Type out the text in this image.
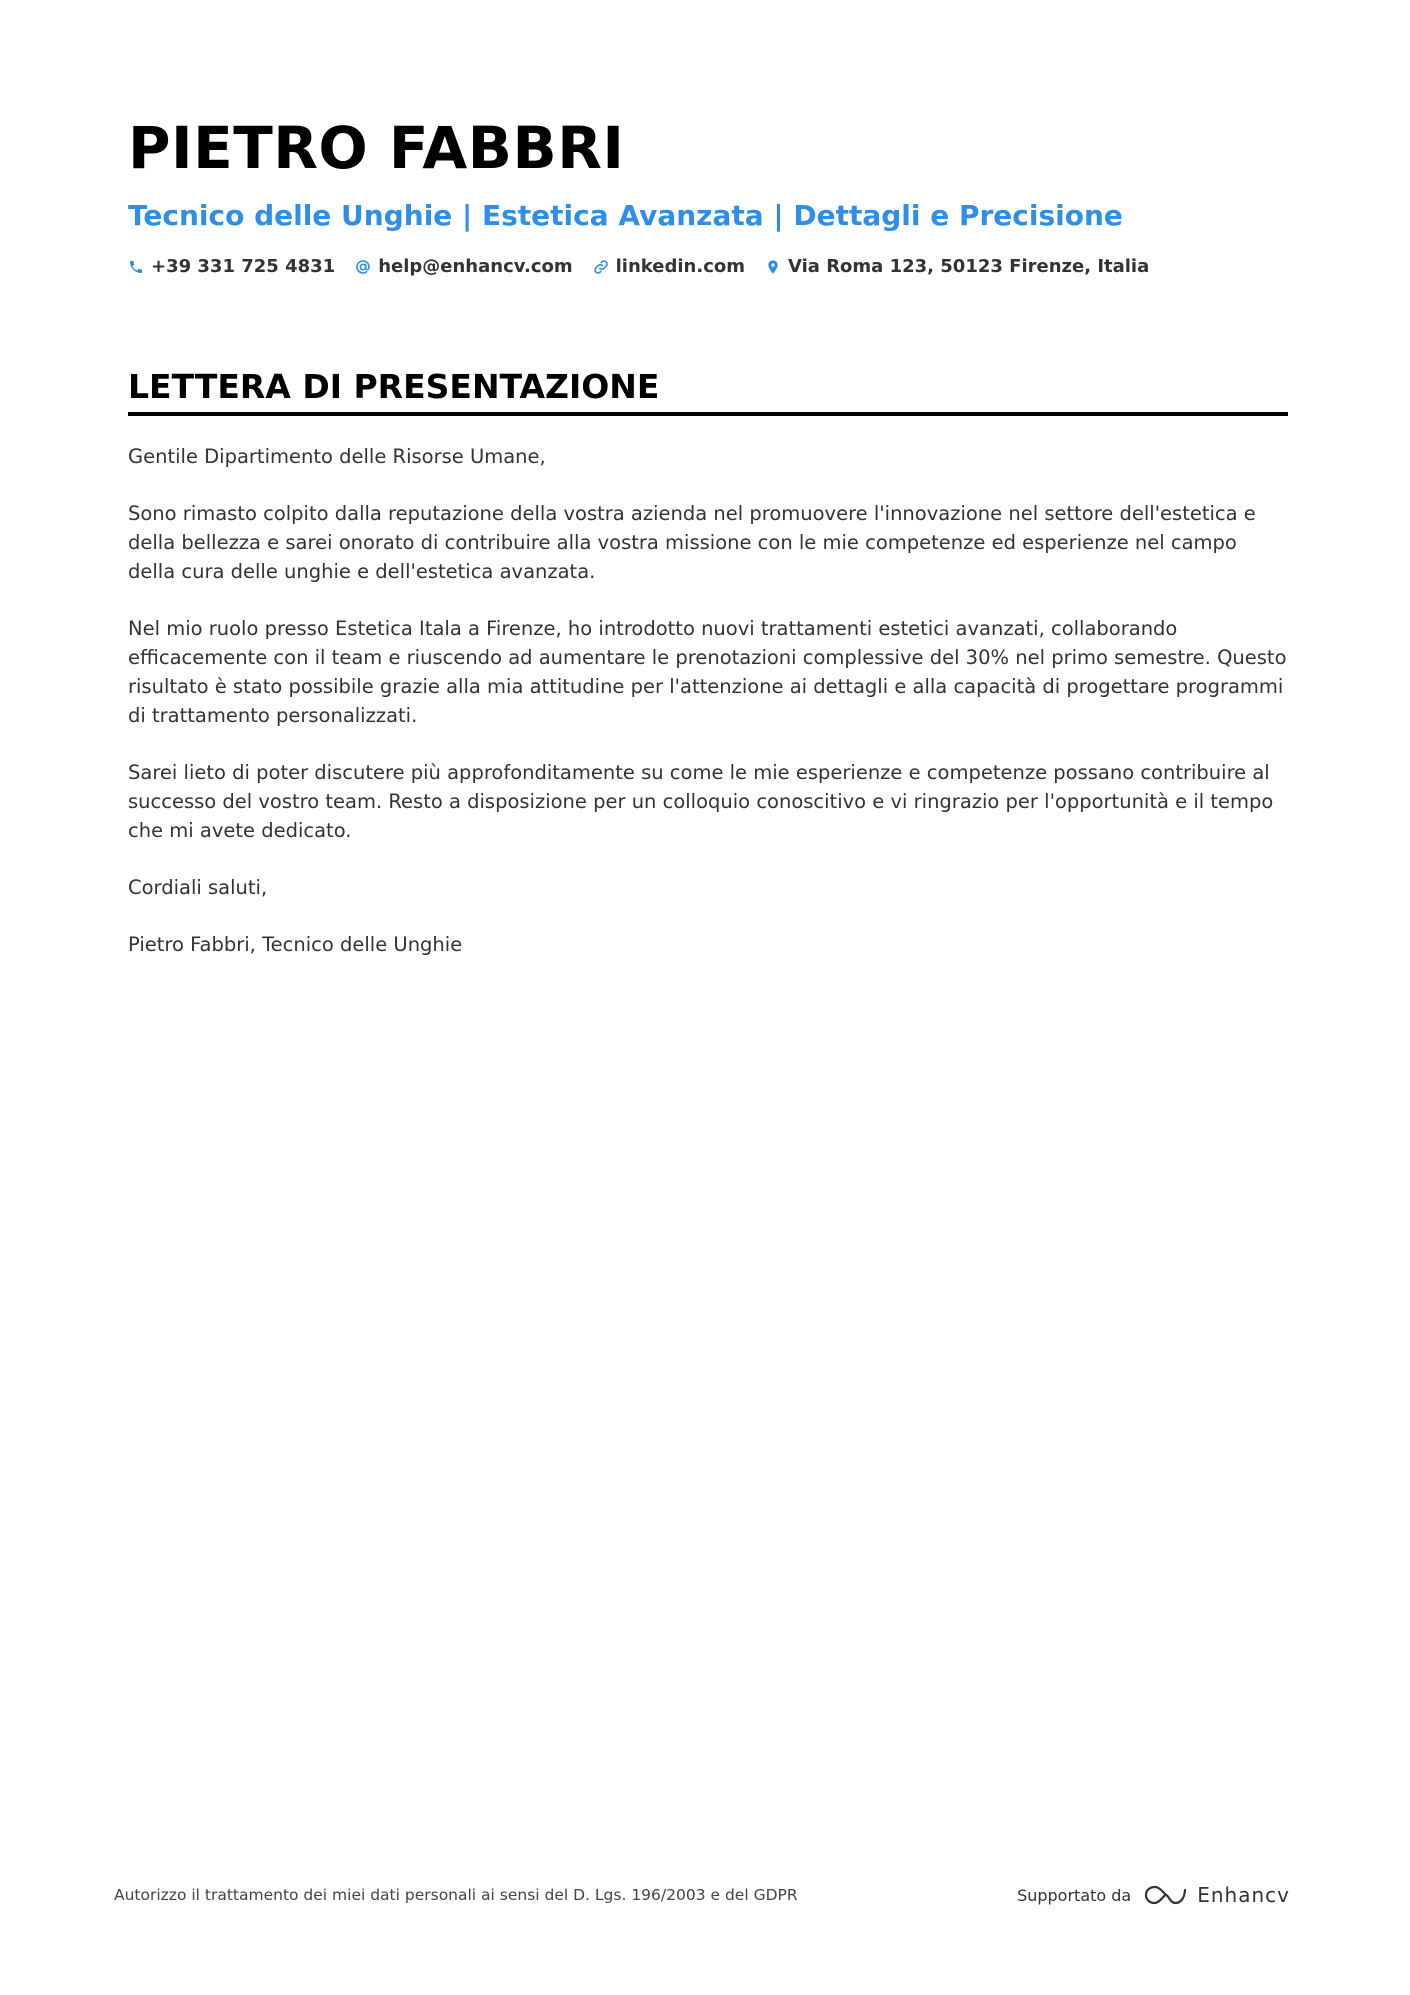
PIETRO FABBRI
Tecnico delle Unghie | Estetica Avanzata | Dettagli e Precisione
+39 331 725 4831 help@enhancv.com linkedin.com Via Roma 123, 50123 Firenze, Italia
LETTERA DI PRESENTAZIONE

Gentile Dipartimento delle Risorse Umane,

Sono rimasto colpito dalla reputazione della vostra azienda nel promuovere l'innovazione nel settore dell'estetica e della bellezza e sarei onorato di contribuire alla vostra missione con le mie competenze ed esperienze nel campo della cura delle unghie e dell'estetica avanzata.

Nel mio ruolo presso Estetica Itala a Firenze, ho introdotto nuovi trattamenti estetici avanzati, collaborando efficacemente con il team e riuscendo ad aumentare le prenotazioni complessive del 30% nel primo semestre. Questo risultato è stato possibile grazie alla mia attitudine per l'attenzione ai dettagli e alla capacità di progettare programmi di trattamento personalizzati.

Sarei lieto di poter discutere più approfonditamente su come le mie esperienze e competenze possano contribuire al successo del vostro team. Resto a disposizione per un colloquio conoscitivo e vi ringrazio per l'opportunità e il tempo che mi avete dedicato.

Cordiali saluti,

Pietro Fabbri, Tecnico delle Unghie

Autorizzo il trattamento dei miei dati personali ai sensi del D. Lgs. 196/2003 e del GDPR	Supportato da	Enhancv
